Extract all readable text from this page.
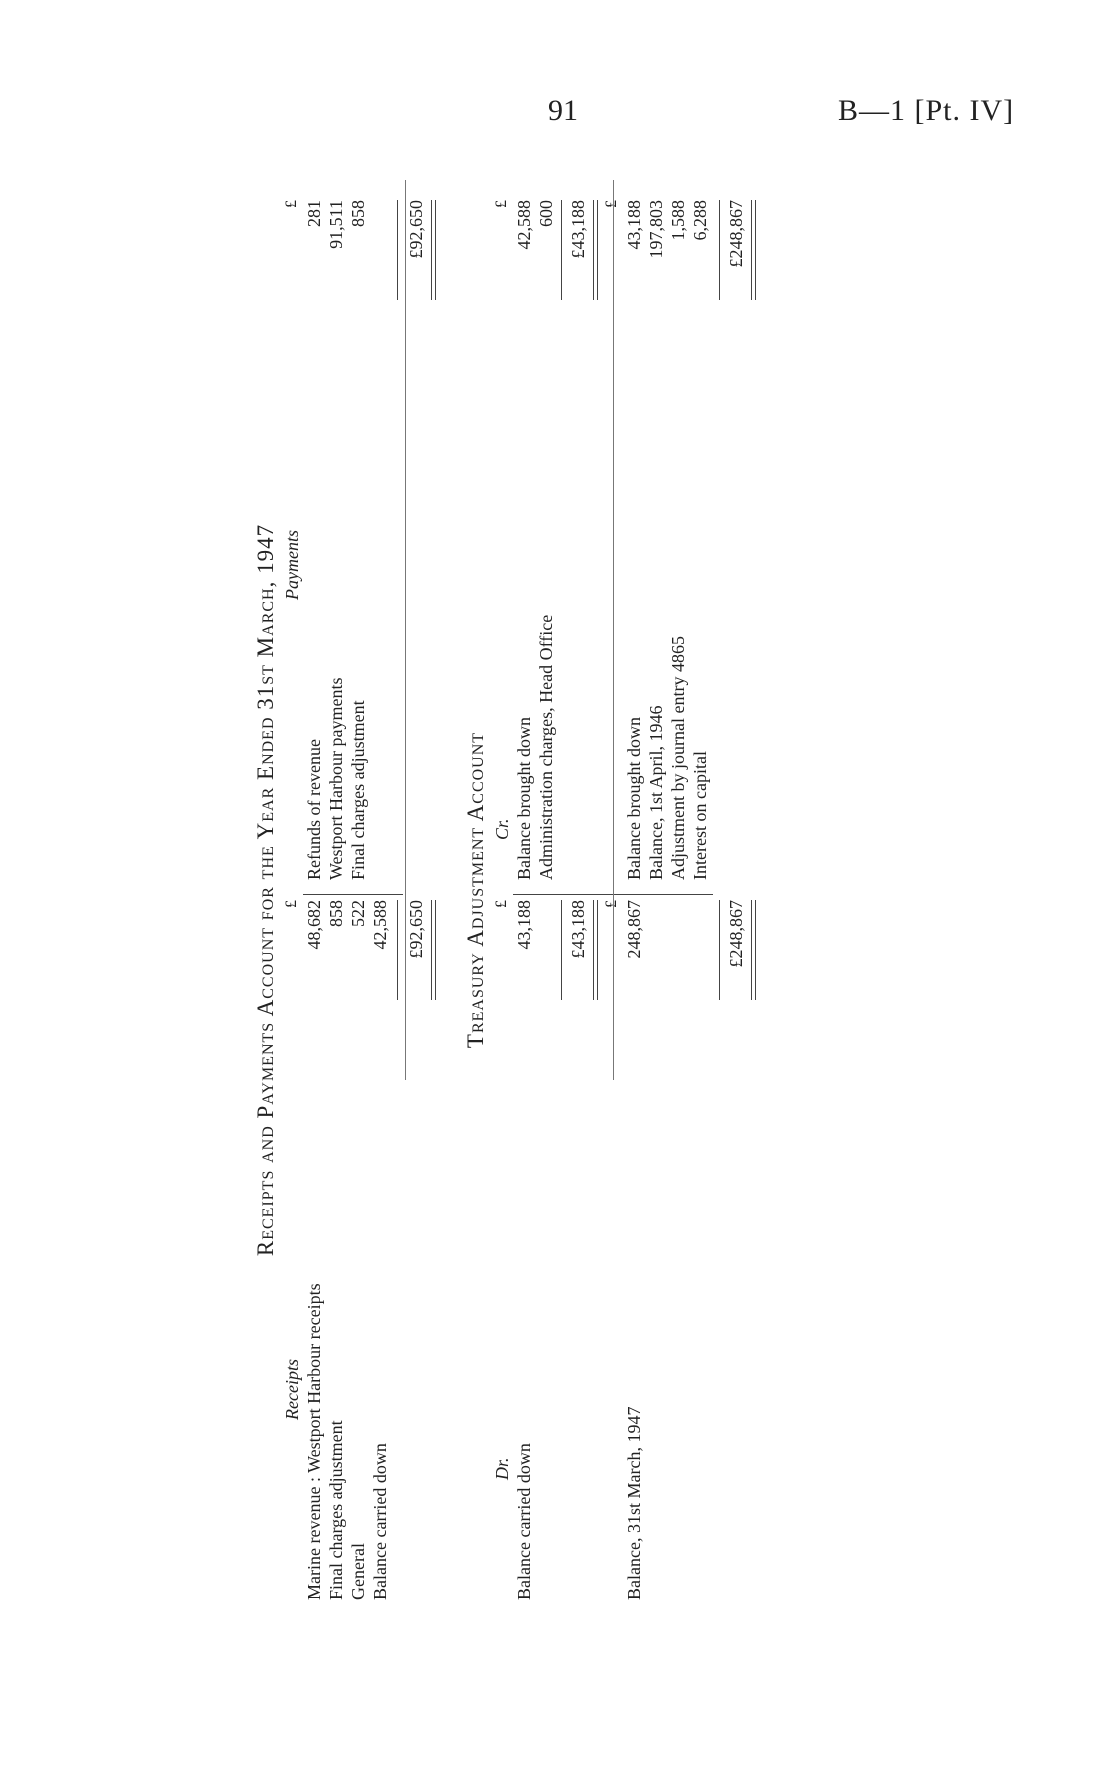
91	B—1 [Pt. IV]
Receipts and Payments Account for the Year Ended 31st March, 1947
Receipts
Payments
£
£
Marine revenue : Westport Harbour receipts
48,682
Final charges adjustment
858
General
522
Balance carried down
42,588
Refunds of revenue Westport Harbour payments Final charges adjustment
281 91,511 858
£92,650
£92,650
Treasury Adjustment Account
Dr.
Cr.
£
£
Balance carried down
43,188
Balance brought down Administration charges, Head Office
42,588 600
£43,188
£43,188
£
£
Balance, 31st March, 1947
248,867
Balance brought down Balance, 1st April, 1946 Adjustment by journal entry 4865 Interest on capital
43,188 197,803 1,588 6,288
£248,867
£248,867
